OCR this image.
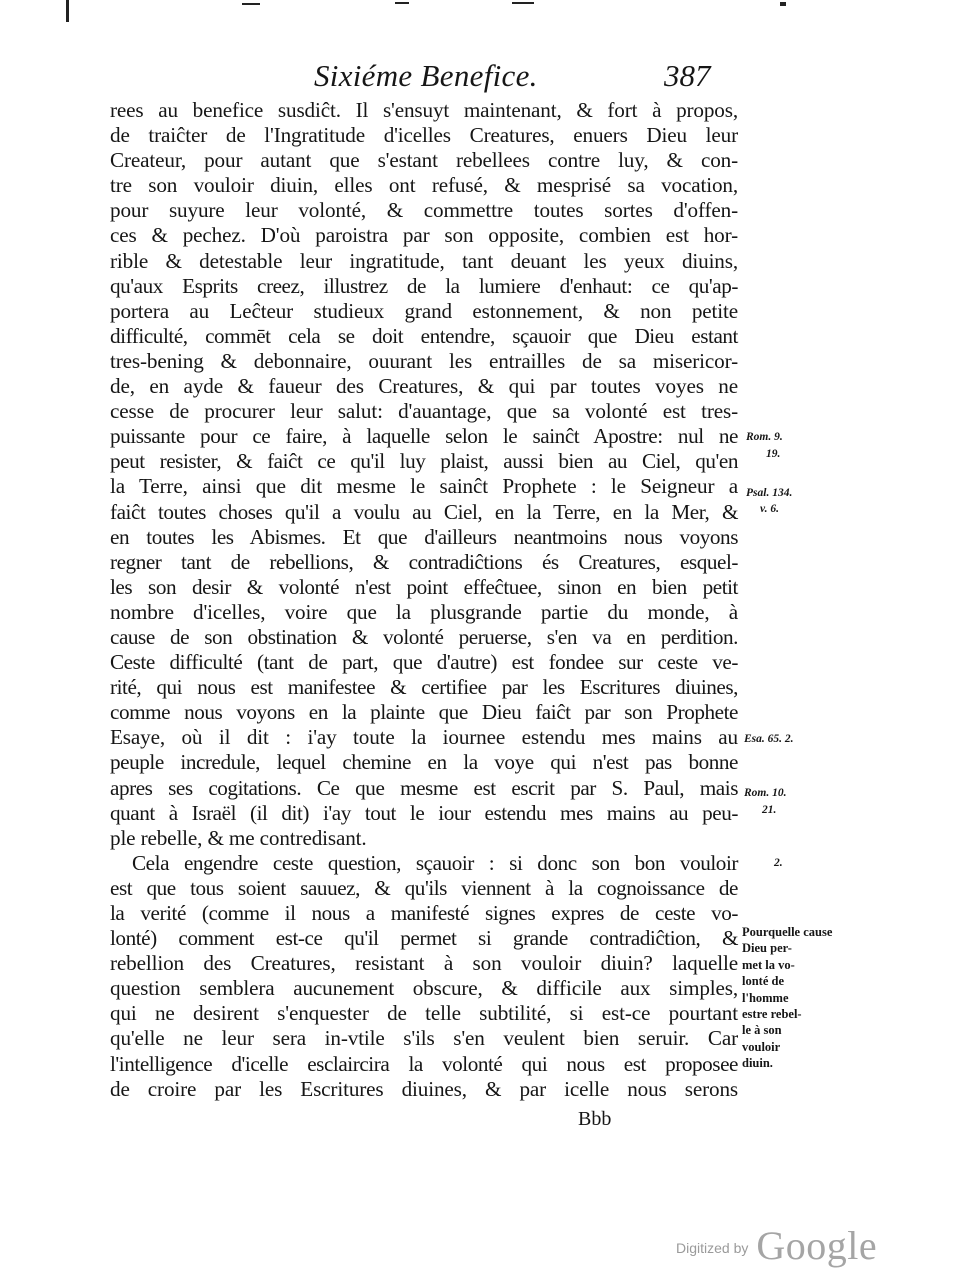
Sixiéme Benefice.	387
rees au benefice susdiĉt. Il s'ensuyt maintenant, & fort à propos,
de traiĉter de l'Ingratitude d'icelles Creatures, enuers Dieu leur
Createur, pour autant que s'estant rebellees contre luy, & con-
tre son vouloir diuin, elles ont refusé, & mesprisé sa vocation,
pour suyure leur volonté, & commettre toutes sortes d'offen-
ces & pechez. D'où paroistra par son opposite, combien est hor-
rible & detestable leur ingratitude, tant deuant les yeux diuins,
qu'aux Esprits creez, illustrez de la lumiere d'enhaut: ce qu'ap-
portera au Leĉteur studieux grand estonnement, & non petite
difficulté, commēt cela se doit entendre, sçauoir que Dieu estant
tres-bening & debonnaire, ouurant les entrailles de sa misericor-
de, en ayde & faueur des Creatures, & qui par toutes voyes ne
cesse de procurer leur salut: d'auantage, que sa volonté est tres-
puissante pour ce faire, à laquelle selon le sainĉt Apostre: nul ne
peut resister, & faiĉt ce qu'il luy plaist, aussi bien au Ciel, qu'en
la Terre, ainsi que dit mesme le sainĉt Prophete : le Seigneur a
faiĉt toutes choses qu'il a voulu au Ciel, en la Terre, en la Mer, &
en toutes les Abismes. Et que d'ailleurs neantmoins nous voyons
regner tant de rebellions, & contradiĉtions és Creatures, esquel-
les son desir & volonté n'est point effeĉtuee, sinon en bien petit
nombre d'icelles, voire que la plusgrande partie du monde, à
cause de son obstination & volonté peruerse, s'en va en perdition.
Ceste difficulté (tant de part, que d'autre) est fondee sur ceste ve-
rité, qui nous est manifestee & certifiee par les Escritures diuines,
comme nous voyons en la plainte que Dieu faiĉt par son Prophete
Esaye, où il dit : i'ay toute la iournee estendu mes mains au
peuple incredule, lequel chemine en la voye qui n'est pas bonne
apres ses cogitations. Ce que mesme est escrit par S. Paul, mais
quant à Israël (il dit) i'ay tout le iour estendu mes mains au peu-
ple rebelle, & me contredisant.
Cela engendre ceste question, sçauoir : si donc son bon vouloir
est que tous soient sauuez, & qu'ils viennent à la cognoissance de
la verité (comme il nous a manifesté signes expres de ceste vo-
lonté) comment est-ce qu'il permet si grande contradiĉtion, &
rebellion des Creatures, resistant à son vouloir diuin? laquelle
question semblera aucunement obscure, & difficile aux simples,
qui ne desirent s'enquester de telle subtilité, si est-ce pourtant
qu'elle ne leur sera in-vtile s'ils s'en veulent bien seruir. Car
l'intelligence d'icelle esclaircira la volonté qui nous est proposee
de croire par les Escritures diuines, & par icelle nous serons
Rom. 9.
19.
Psal. 134.
v. 6.
Esa. 65. 2.
Rom. 10.
21.
2.
Pourquelle cause
Dieu per-
met la vo-
lonté de
l'homme
estre rebel-
le à son
vouloir
diuin.
Bbb
Digitized by Google
